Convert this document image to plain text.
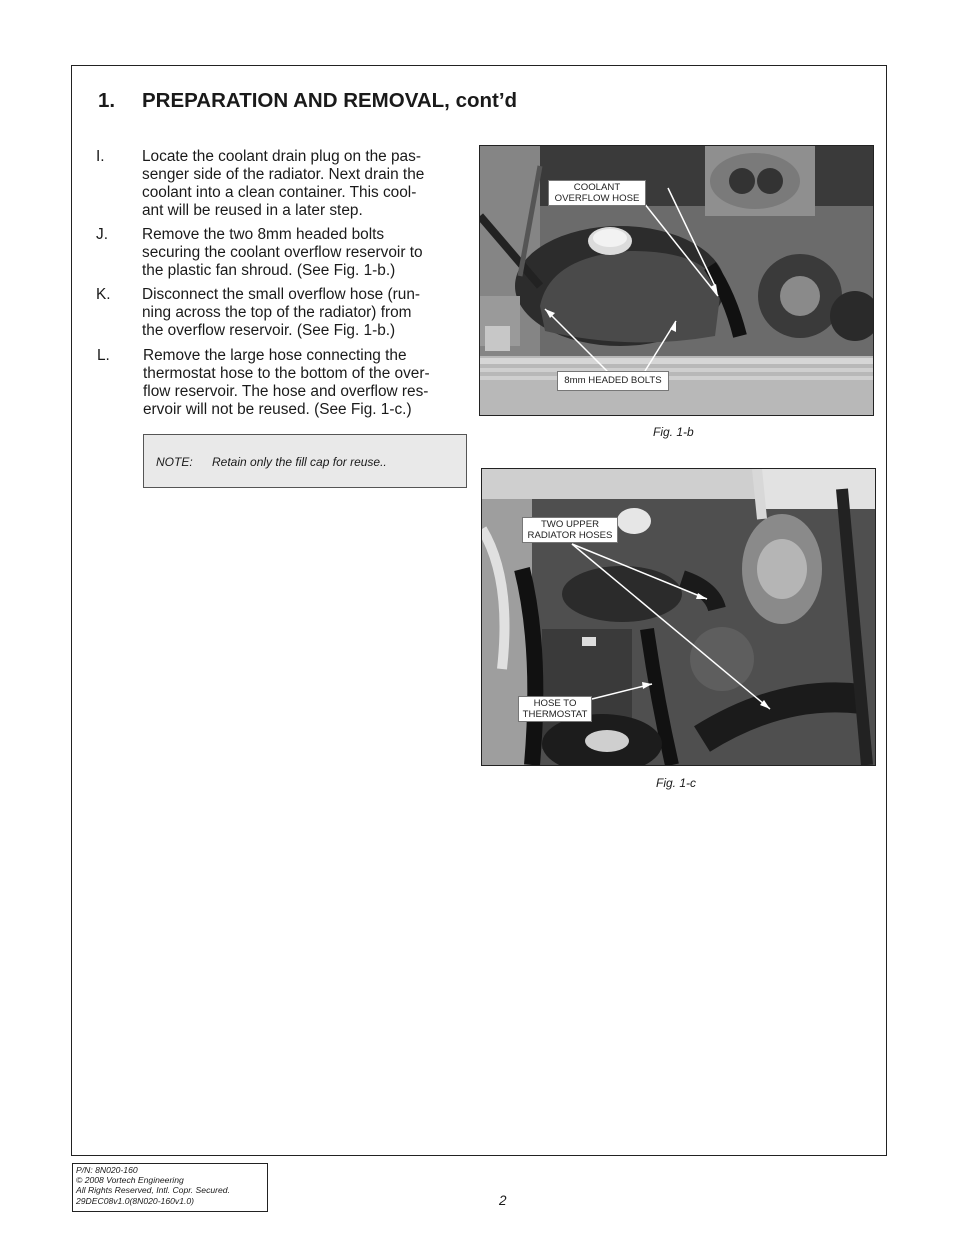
1. PREPARATION AND REMOVAL, cont’d
I. Locate the coolant drain plug on the pas-
senger side of the radiator. Next drain the
coolant into a clean container. This cool-
ant will be reused in a later step.
J. Remove the two 8mm headed bolts
securing the coolant overflow reservoir to
the plastic fan shroud. (See Fig. 1-b.)
K. Disconnect the small overflow hose (run-
ning across the top of the radiator) from
the overflow reservoir. (See Fig. 1-b.)
L. Remove the large hose connecting the
thermostat hose to the bottom of the over-
flow reservoir. The hose and overflow res-
ervoir will not be reused. (See Fig. 1-c.)
NOTE: Retain only the fill cap for reuse..
COOLANT
OVERFLOW HOSE
8mm HEADED BOLTS
Fig. 1-b
TWO UPPER
RADIATOR HOSES
HOSE TO
THERMOSTAT
Fig. 1-c
P/N: 8N020-160
© 2008 Vortech Engineering
All Rights Reserved, Intl. Copr. Secured.
29DEC08v1.0(8N020-160v1.0)	2
